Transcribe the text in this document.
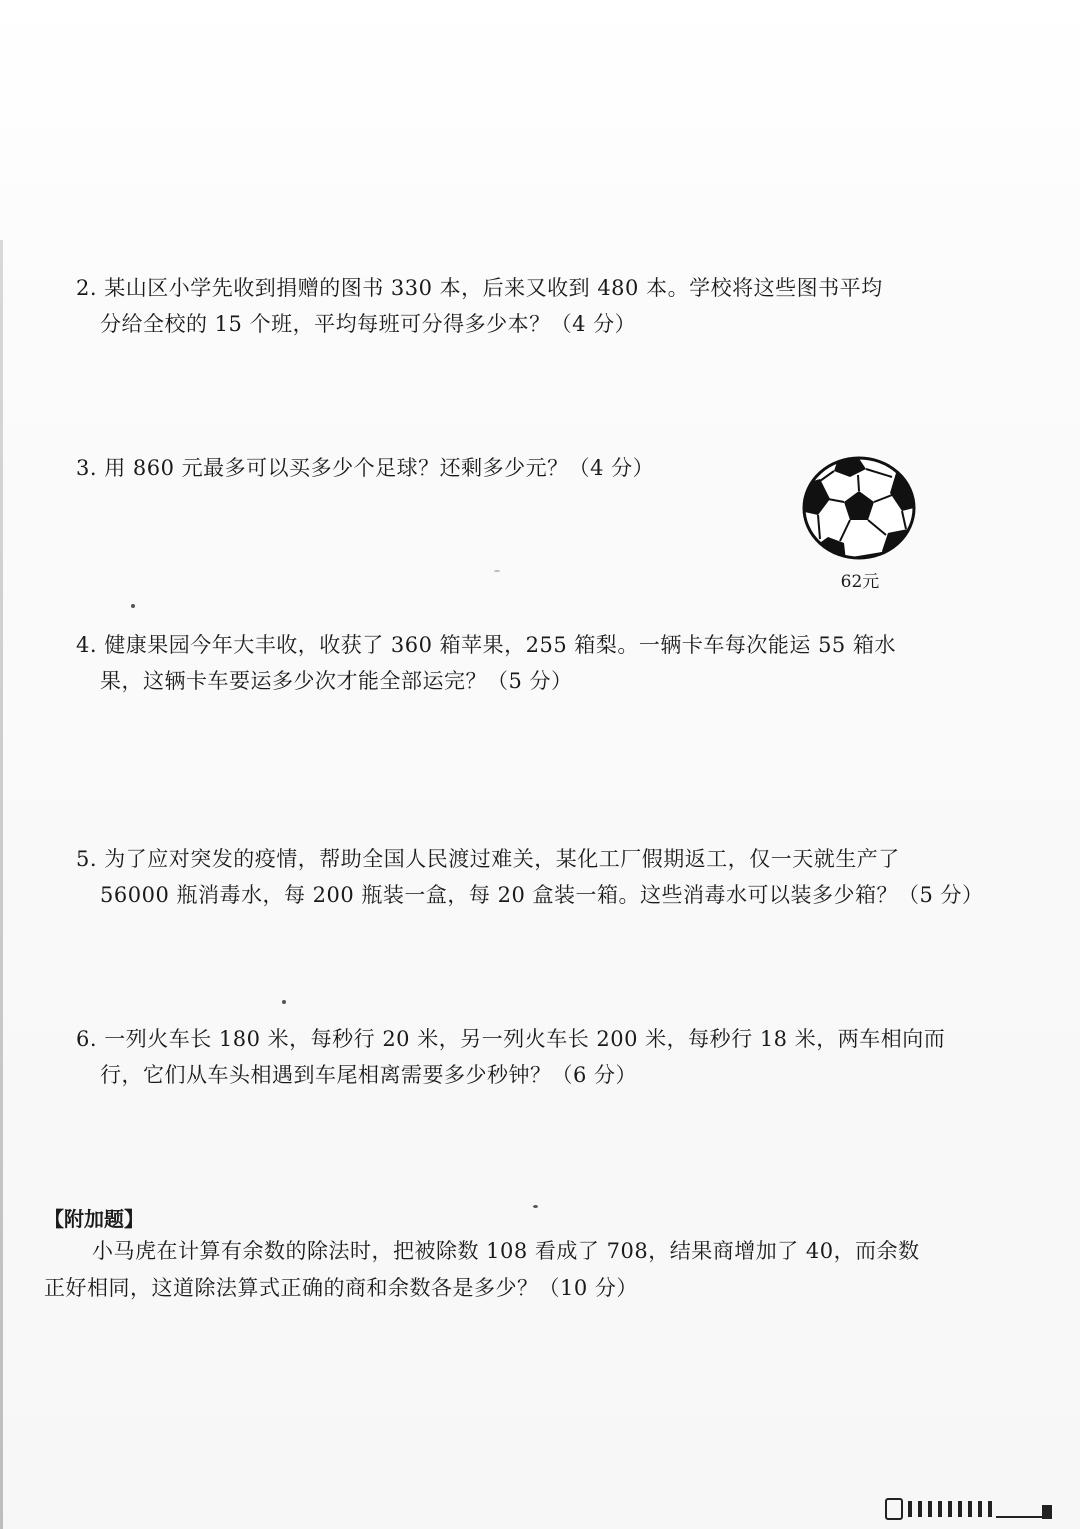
2. 某山区小学先收到捐赠的图书 330 本，后来又收到 480 本。学校将这些图书平均
分给全校的 15 个班，平均每班可分得多少本？（4 分）
3. 用 860 元最多可以买多少个足球？还剩多少元？（4 分）
62元
4. 健康果园今年大丰收，收获了 360 箱苹果，255 箱梨。一辆卡车每次能运 55 箱水
果，这辆卡车要运多少次才能全部运完？（5 分）
5. 为了应对突发的疫情，帮助全国人民渡过难关，某化工厂假期返工，仅一天就生产了
56000 瓶消毒水，每 200 瓶装一盒，每 20 盒装一箱。这些消毒水可以装多少箱？（5 分）
6. 一列火车长 180 米，每秒行 20 米，另一列火车长 200 米，每秒行 18 米，两车相向而
行，它们从车头相遇到车尾相离需要多少秒钟？（6 分）
【附加题】
小马虎在计算有余数的除法时，把被除数 108 看成了 708，结果商增加了 40，而余数
正好相同，这道除法算式正确的商和余数各是多少？（10 分）
